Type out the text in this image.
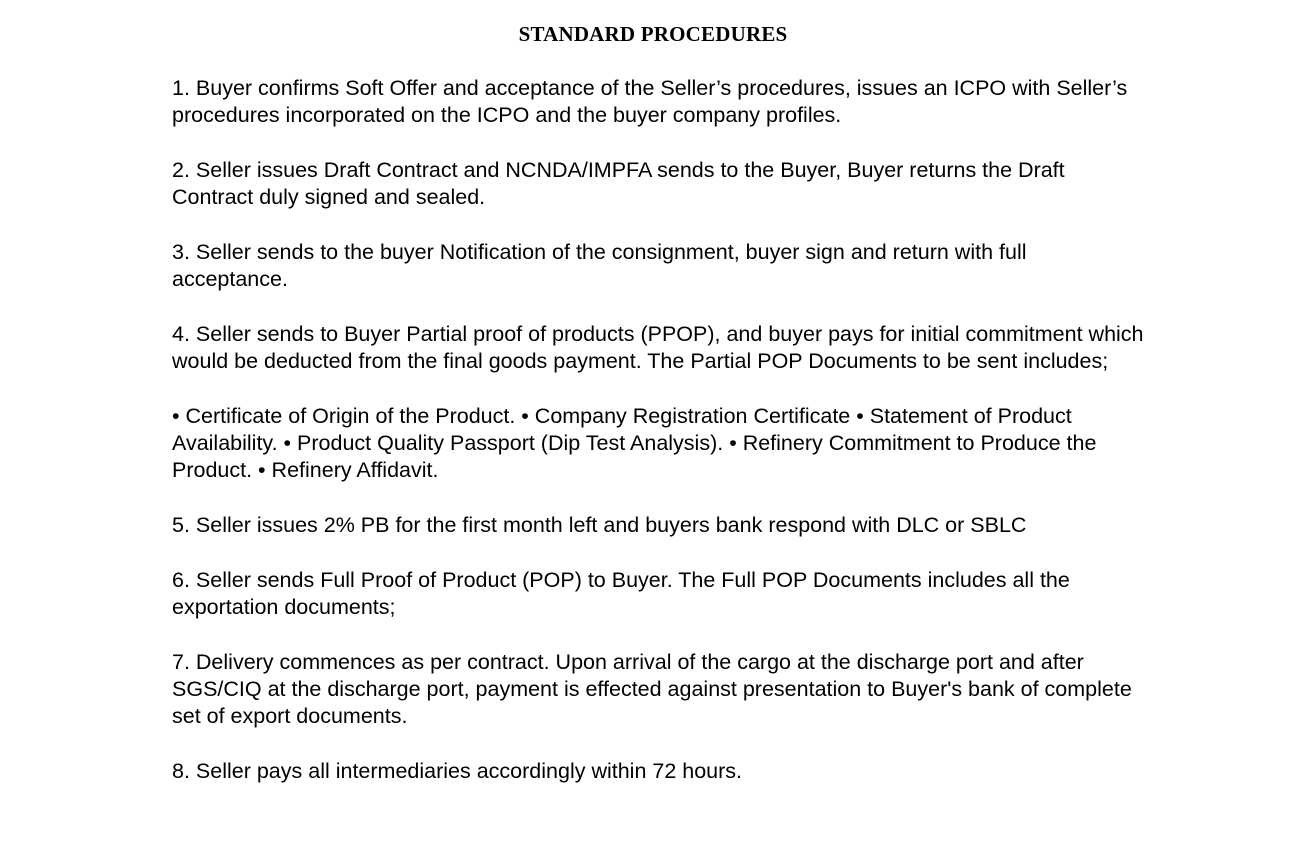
STANDARD PROCEDURES

1. Buyer confirms Soft Offer and acceptance of the Seller’s procedures, issues an ICPO with Seller’s procedures incorporated on the ICPO and the buyer company profiles.

2. Seller issues Draft Contract and NCNDA/IMPFA sends to the Buyer, Buyer returns the Draft Contract duly signed and sealed.

3. Seller sends to the buyer Notification of the consignment, buyer sign and return with full acceptance.

4. Seller sends to Buyer Partial proof of products (PPOP), and buyer pays for initial commitment which would be deducted from the final goods payment. The Partial POP Documents to be sent includes;

• Certificate of Origin of the Product. • Company Registration Certificate • Statement of Product Availability. • Product Quality Passport (Dip Test Analysis). • Refinery Commitment to Produce the Product. • Refinery Affidavit.

5. Seller issues 2% PB for the first month left and buyers bank respond with DLC or SBLC

6. Seller sends Full Proof of Product (POP) to Buyer. The Full POP Documents includes all the exportation documents;

7. Delivery commences as per contract. Upon arrival of the cargo at the discharge port and after SGS/CIQ at the discharge port, payment is effected against presentation to Buyer's bank of complete set of export documents.

8. Seller pays all intermediaries accordingly within 72 hours.
